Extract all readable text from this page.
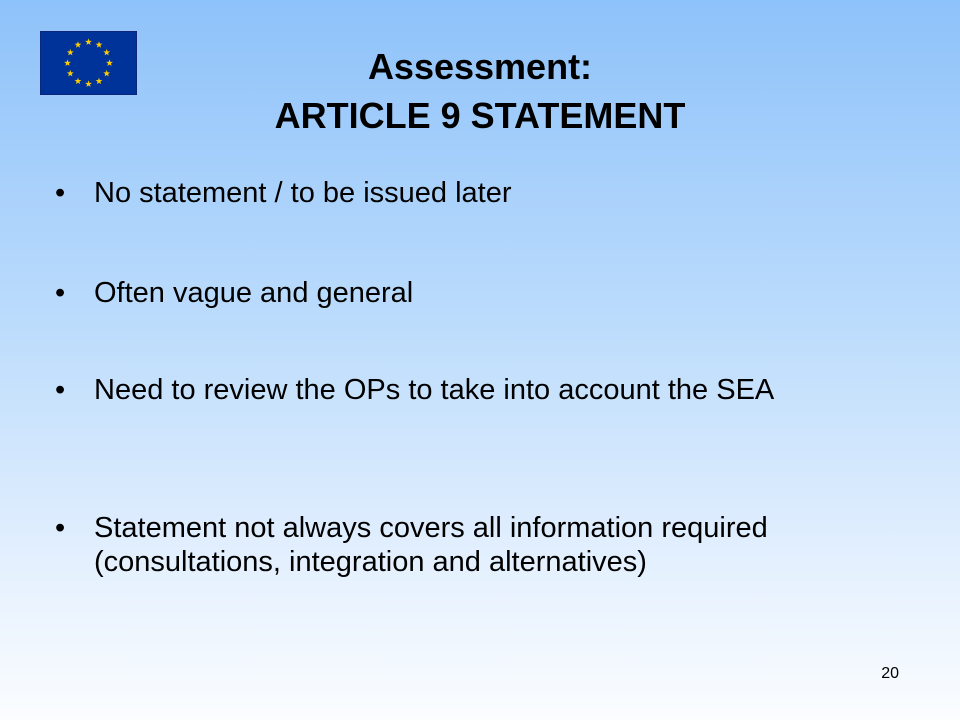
Assessment:
ARTICLE 9 STATEMENT
• No statement / to be issued later
• Often vague and general
• Need to review the OPs to take into account the SEA
• Statement not always covers all information required (consultations, integration and alternatives)
20
